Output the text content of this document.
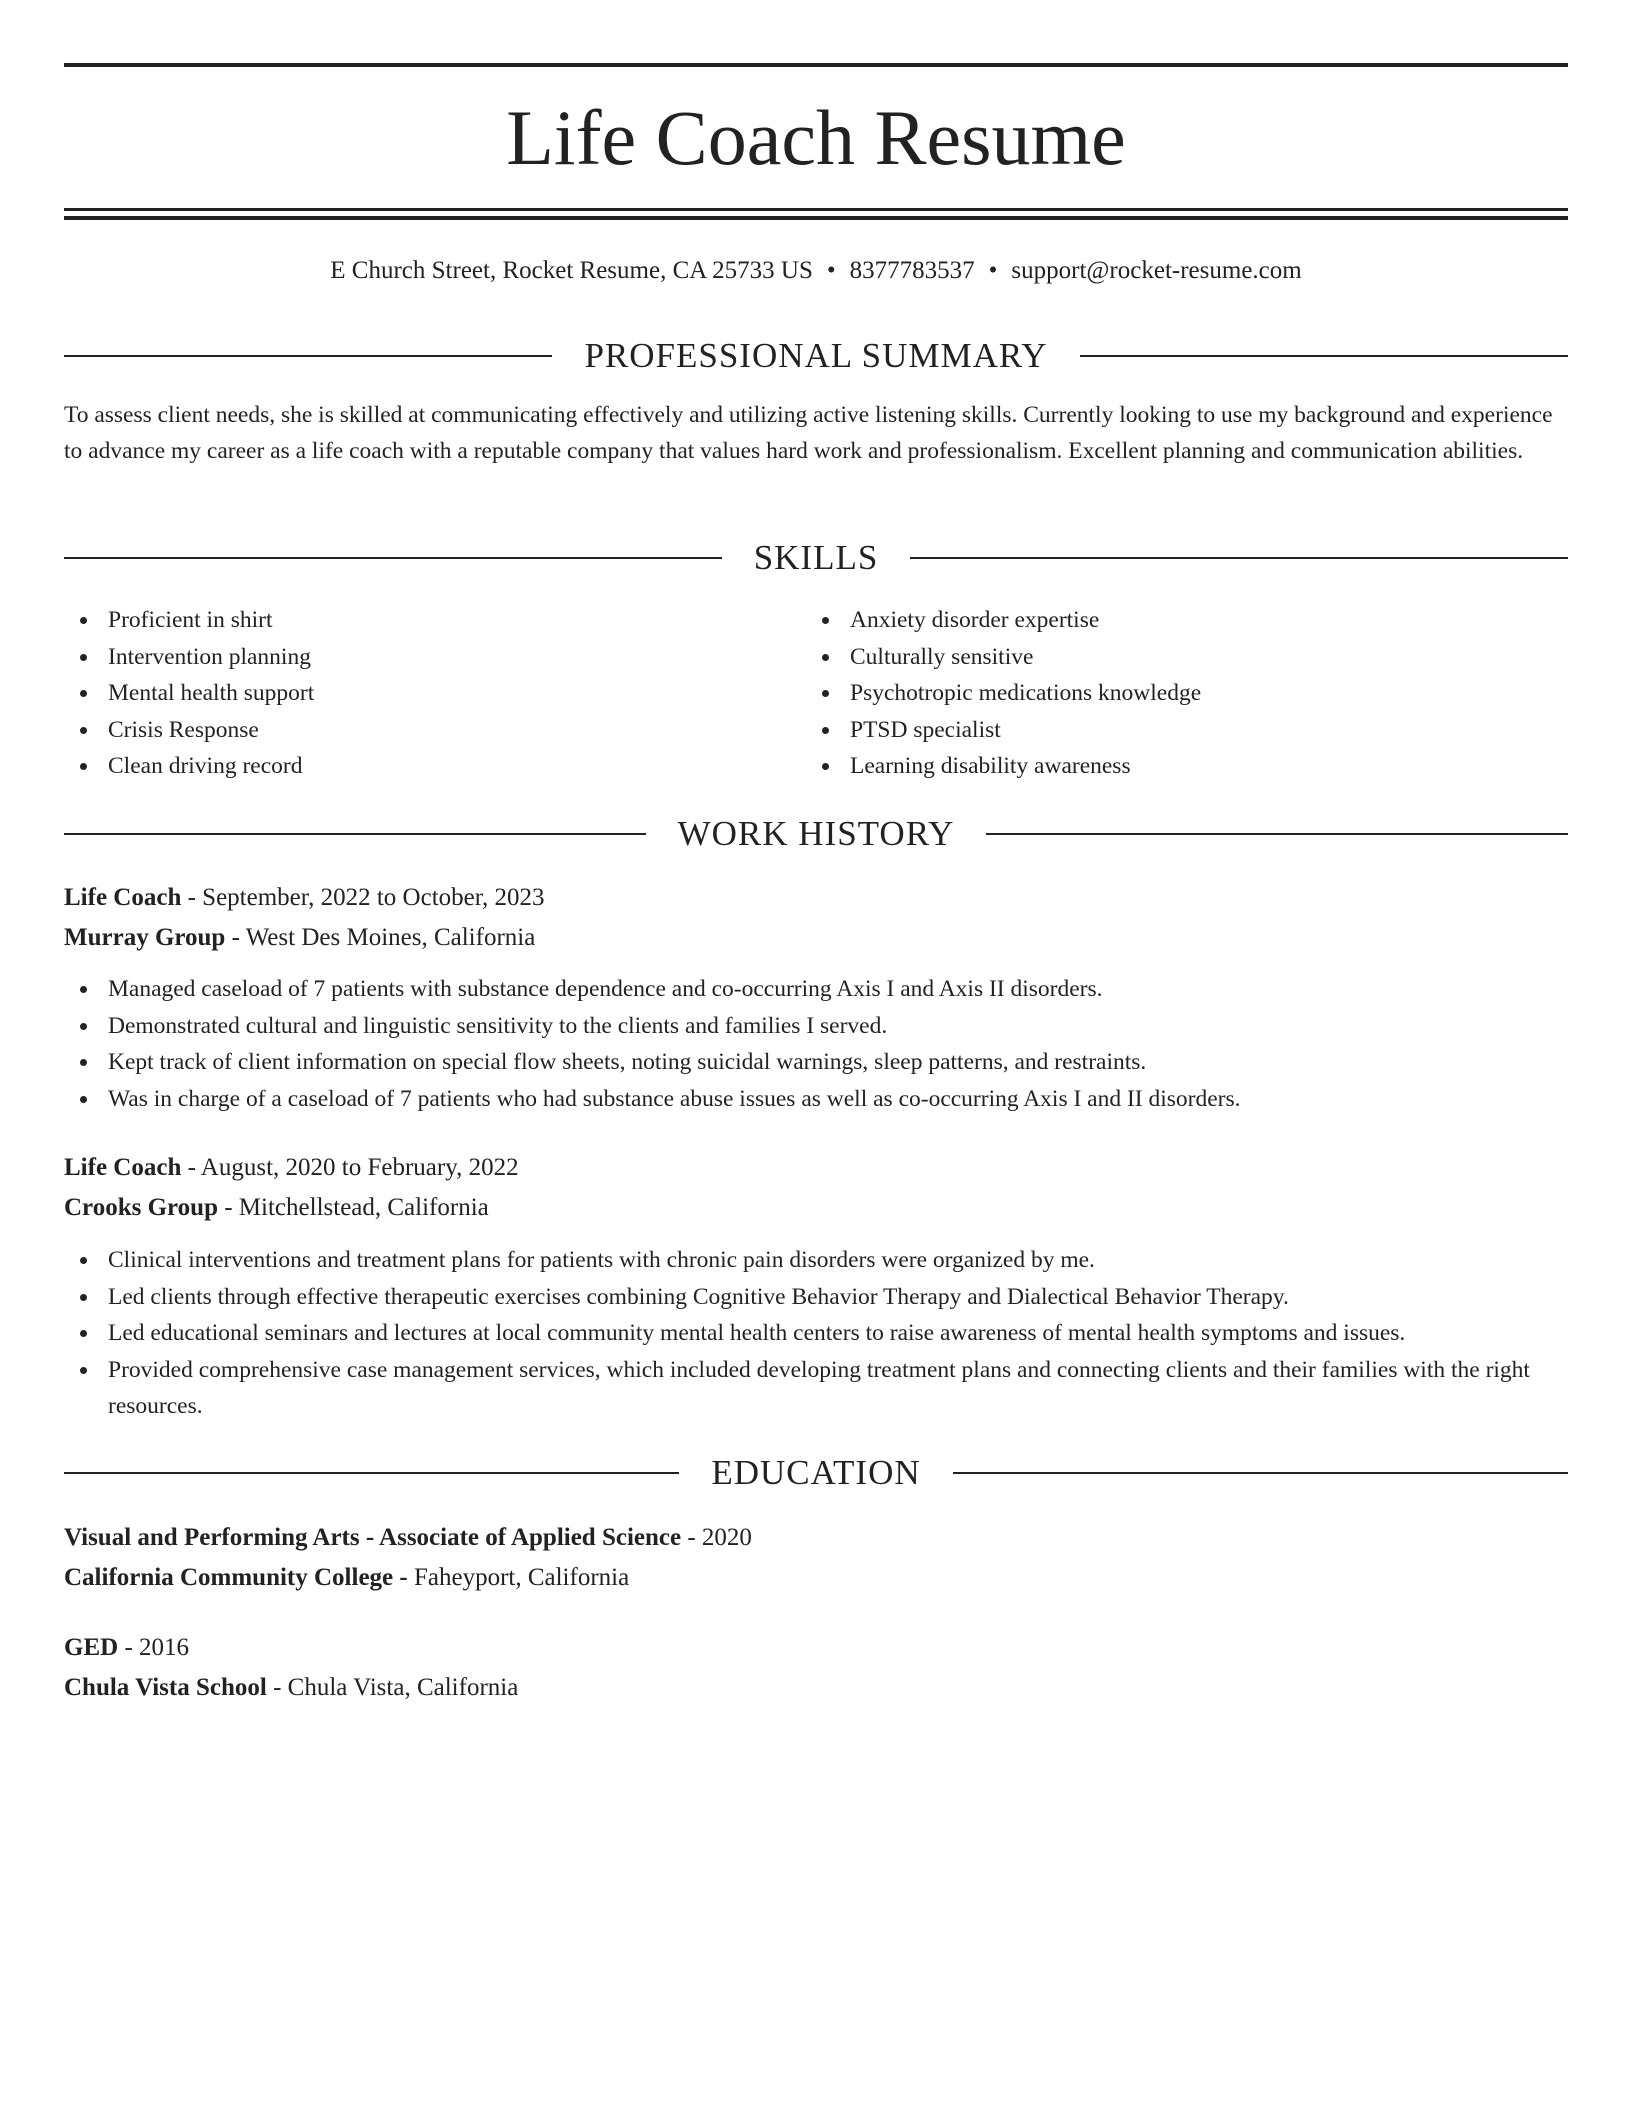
Life Coach Resume
E Church Street, Rocket Resume, CA 25733 US • 8377783537 • support@rocket-resume.com
PROFESSIONAL SUMMARY

To assess client needs, she is skilled at communicating effectively and utilizing active listening skills. Currently looking to use my background and experience to advance my career as a life coach with a reputable company that values hard work and professionalism. Excellent planning and communication abilities.

SKILLS
Proficient in shirt
Intervention planning
Mental health support
Crisis Response
Clean driving record
Anxiety disorder expertise
Culturally sensitive
Psychotropic medications knowledge
PTSD specialist
Learning disability awareness
WORK HISTORY
Life Coach - September, 2022 to October, 2023
Murray Group - West Des Moines, California
Managed caseload of 7 patients with substance dependence and co-occurring Axis I and Axis II disorders.
Demonstrated cultural and linguistic sensitivity to the clients and families I served.
Kept track of client information on special flow sheets, noting suicidal warnings, sleep patterns, and restraints.
Was in charge of a caseload of 7 patients who had substance abuse issues as well as co-occurring Axis I and II disorders.
Life Coach - August, 2020 to February, 2022
Crooks Group - Mitchellstead, California
Clinical interventions and treatment plans for patients with chronic pain disorders were organized by me.
Led clients through effective therapeutic exercises combining Cognitive Behavior Therapy and Dialectical Behavior Therapy.
Led educational seminars and lectures at local community mental health centers to raise awareness of mental health symptoms and issues.
Provided comprehensive case management services, which included developing treatment plans and connecting clients and their families with the right resources.
EDUCATION
Visual and Performing Arts - Associate of Applied Science - 2020
California Community College - Faheyport, California
GED - 2016
Chula Vista School - Chula Vista, California
